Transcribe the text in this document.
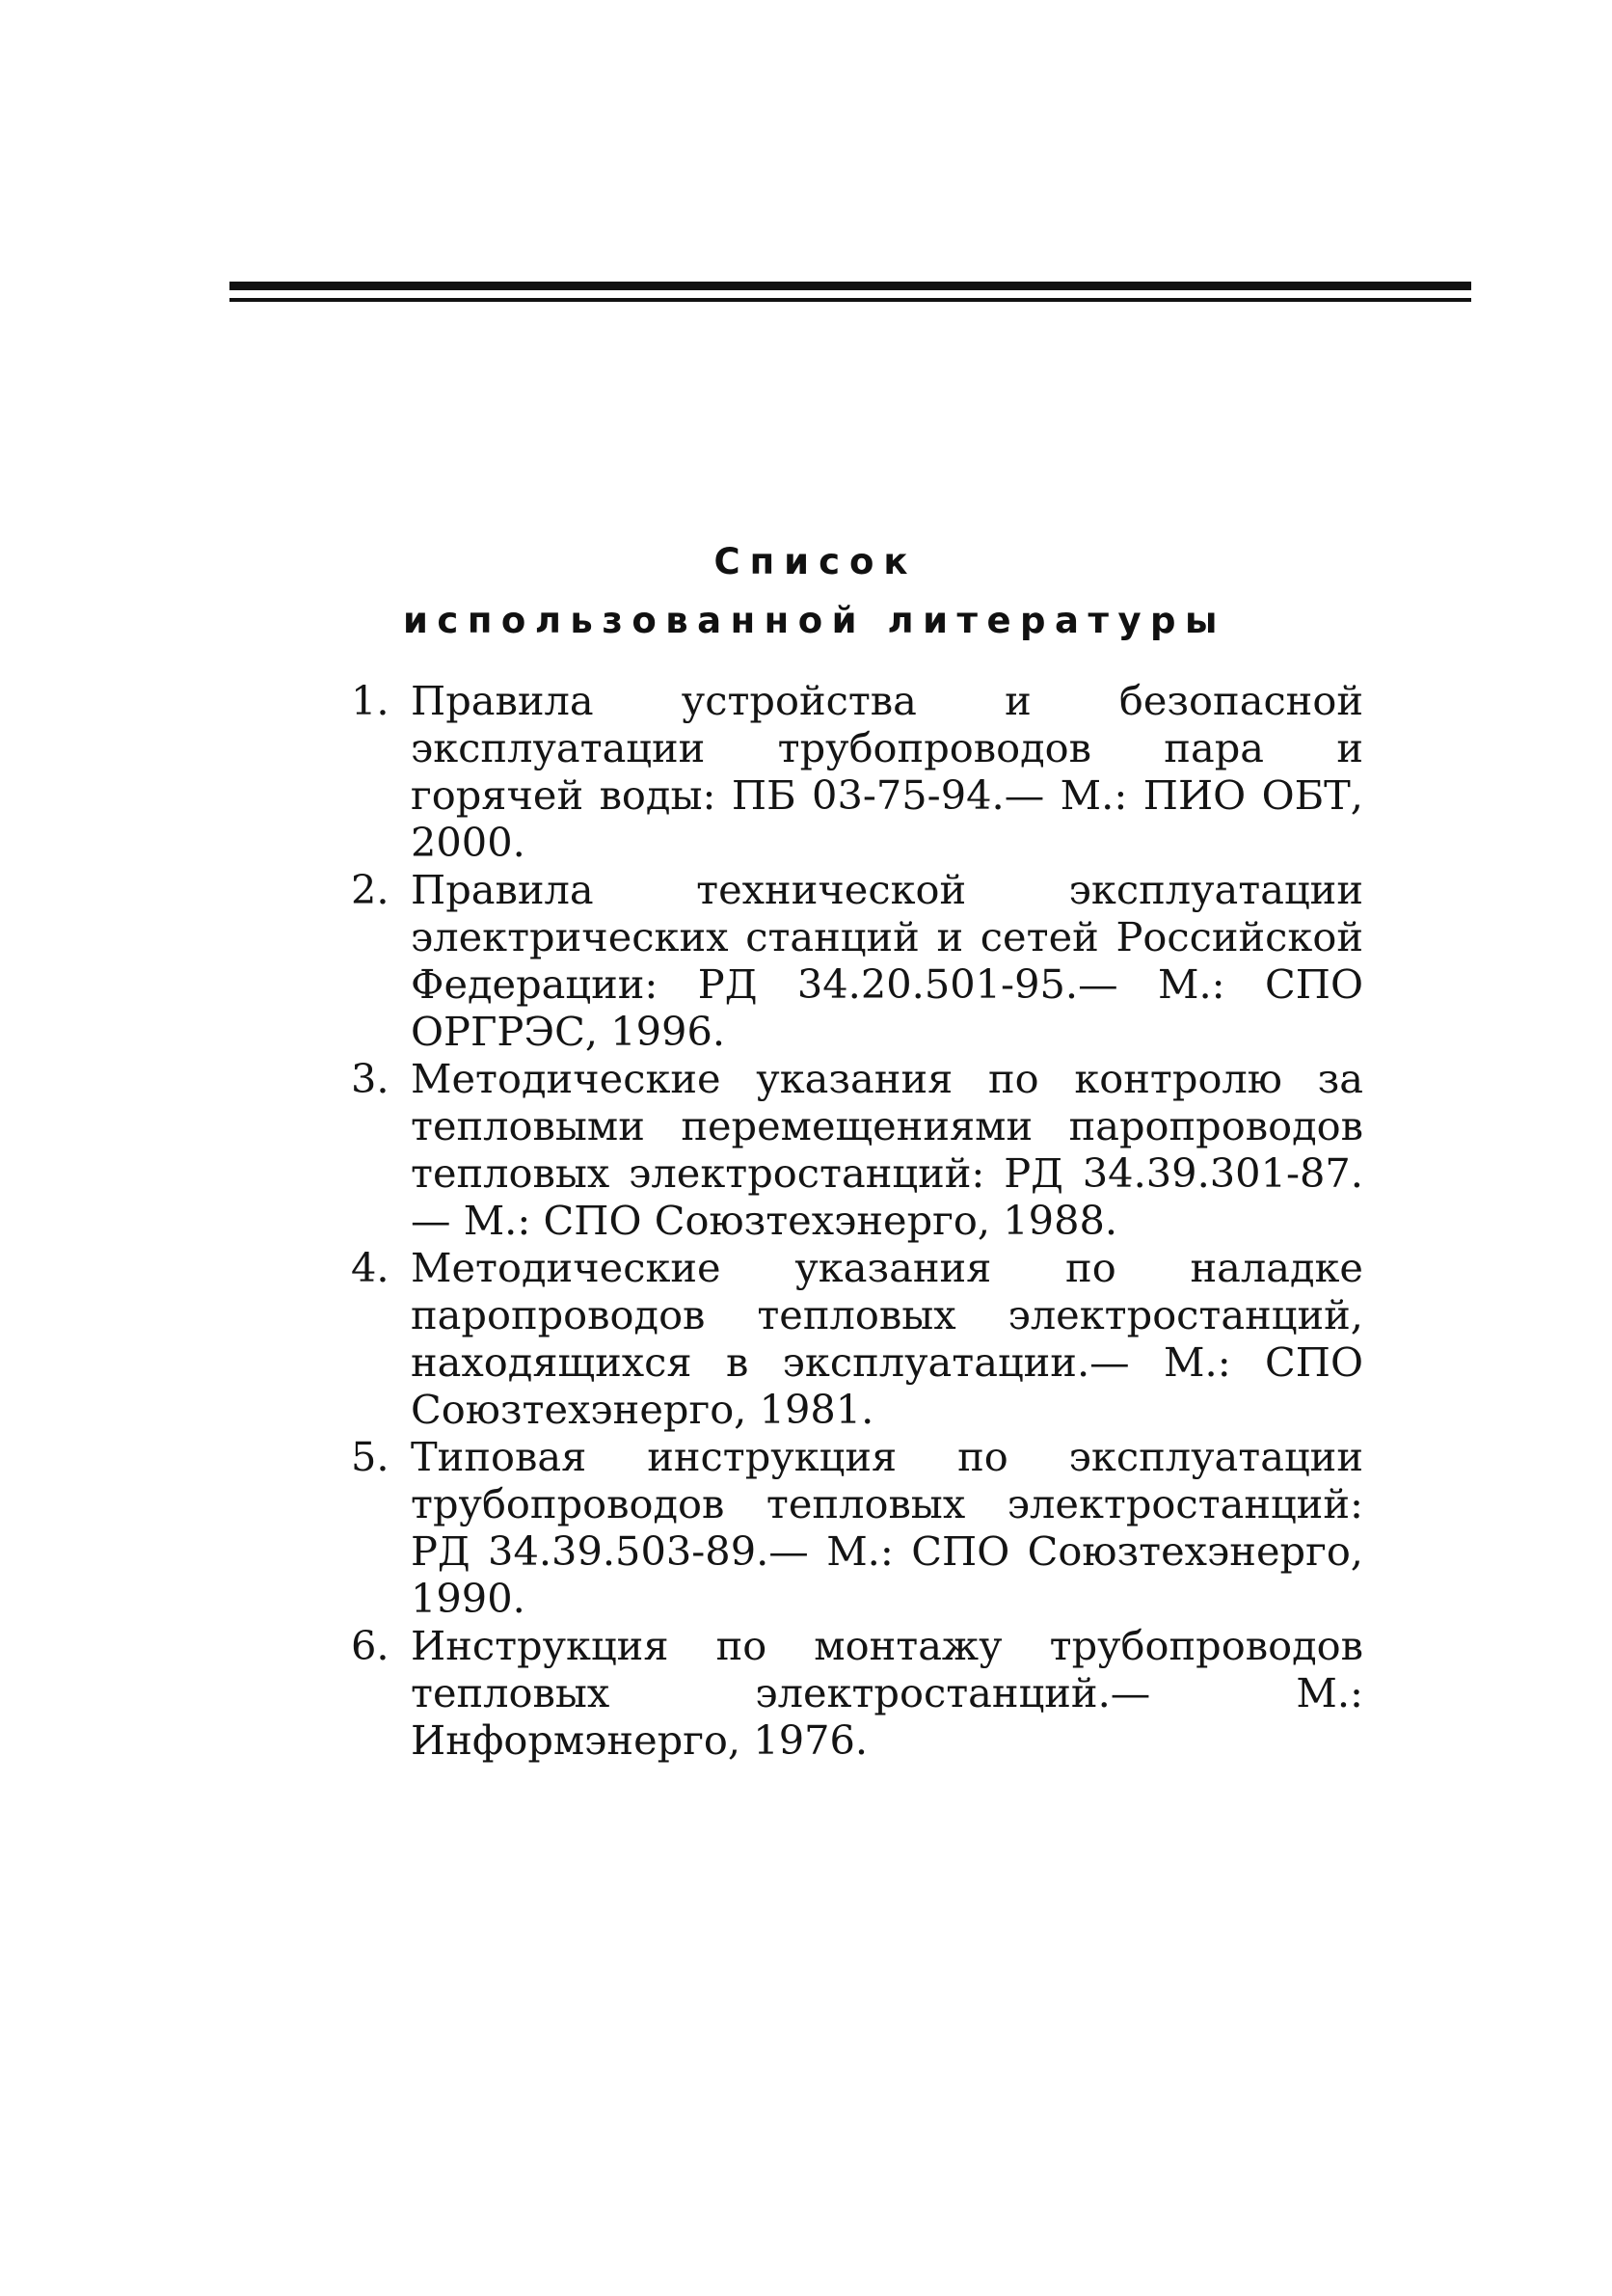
Список
использованной литературы
1. Правила устройства и безопасной эксплуатации трубопроводов пара и горячей воды: ПБ 03-75-94.— М.: ПИО ОБТ, 2000.
2. Правила технической эксплуатации электрических станций и сетей Российской Федерации: РД 34.20.501-95.— М.: СПО ОРГРЭС, 1996.
3. Методические указания по контролю за тепловыми перемещениями паропроводов тепловых электростанций: РД 34.39.301-87.— М.: СПО Союзтехэнерго, 1988.
4. Методические указания по наладке паропроводов тепловых электростанций, находящихся в эксплуатации.— М.: СПО Союзтехэнерго, 1981.
5. Типовая инструкция по эксплуатации трубопроводов тепловых электростанций: РД 34.39.503-89.— М.: СПО Союзтехэнерго, 1990.
6. Инструкция по монтажу трубопроводов тепловых электростанций.— М.: Информэнерго, 1976.
